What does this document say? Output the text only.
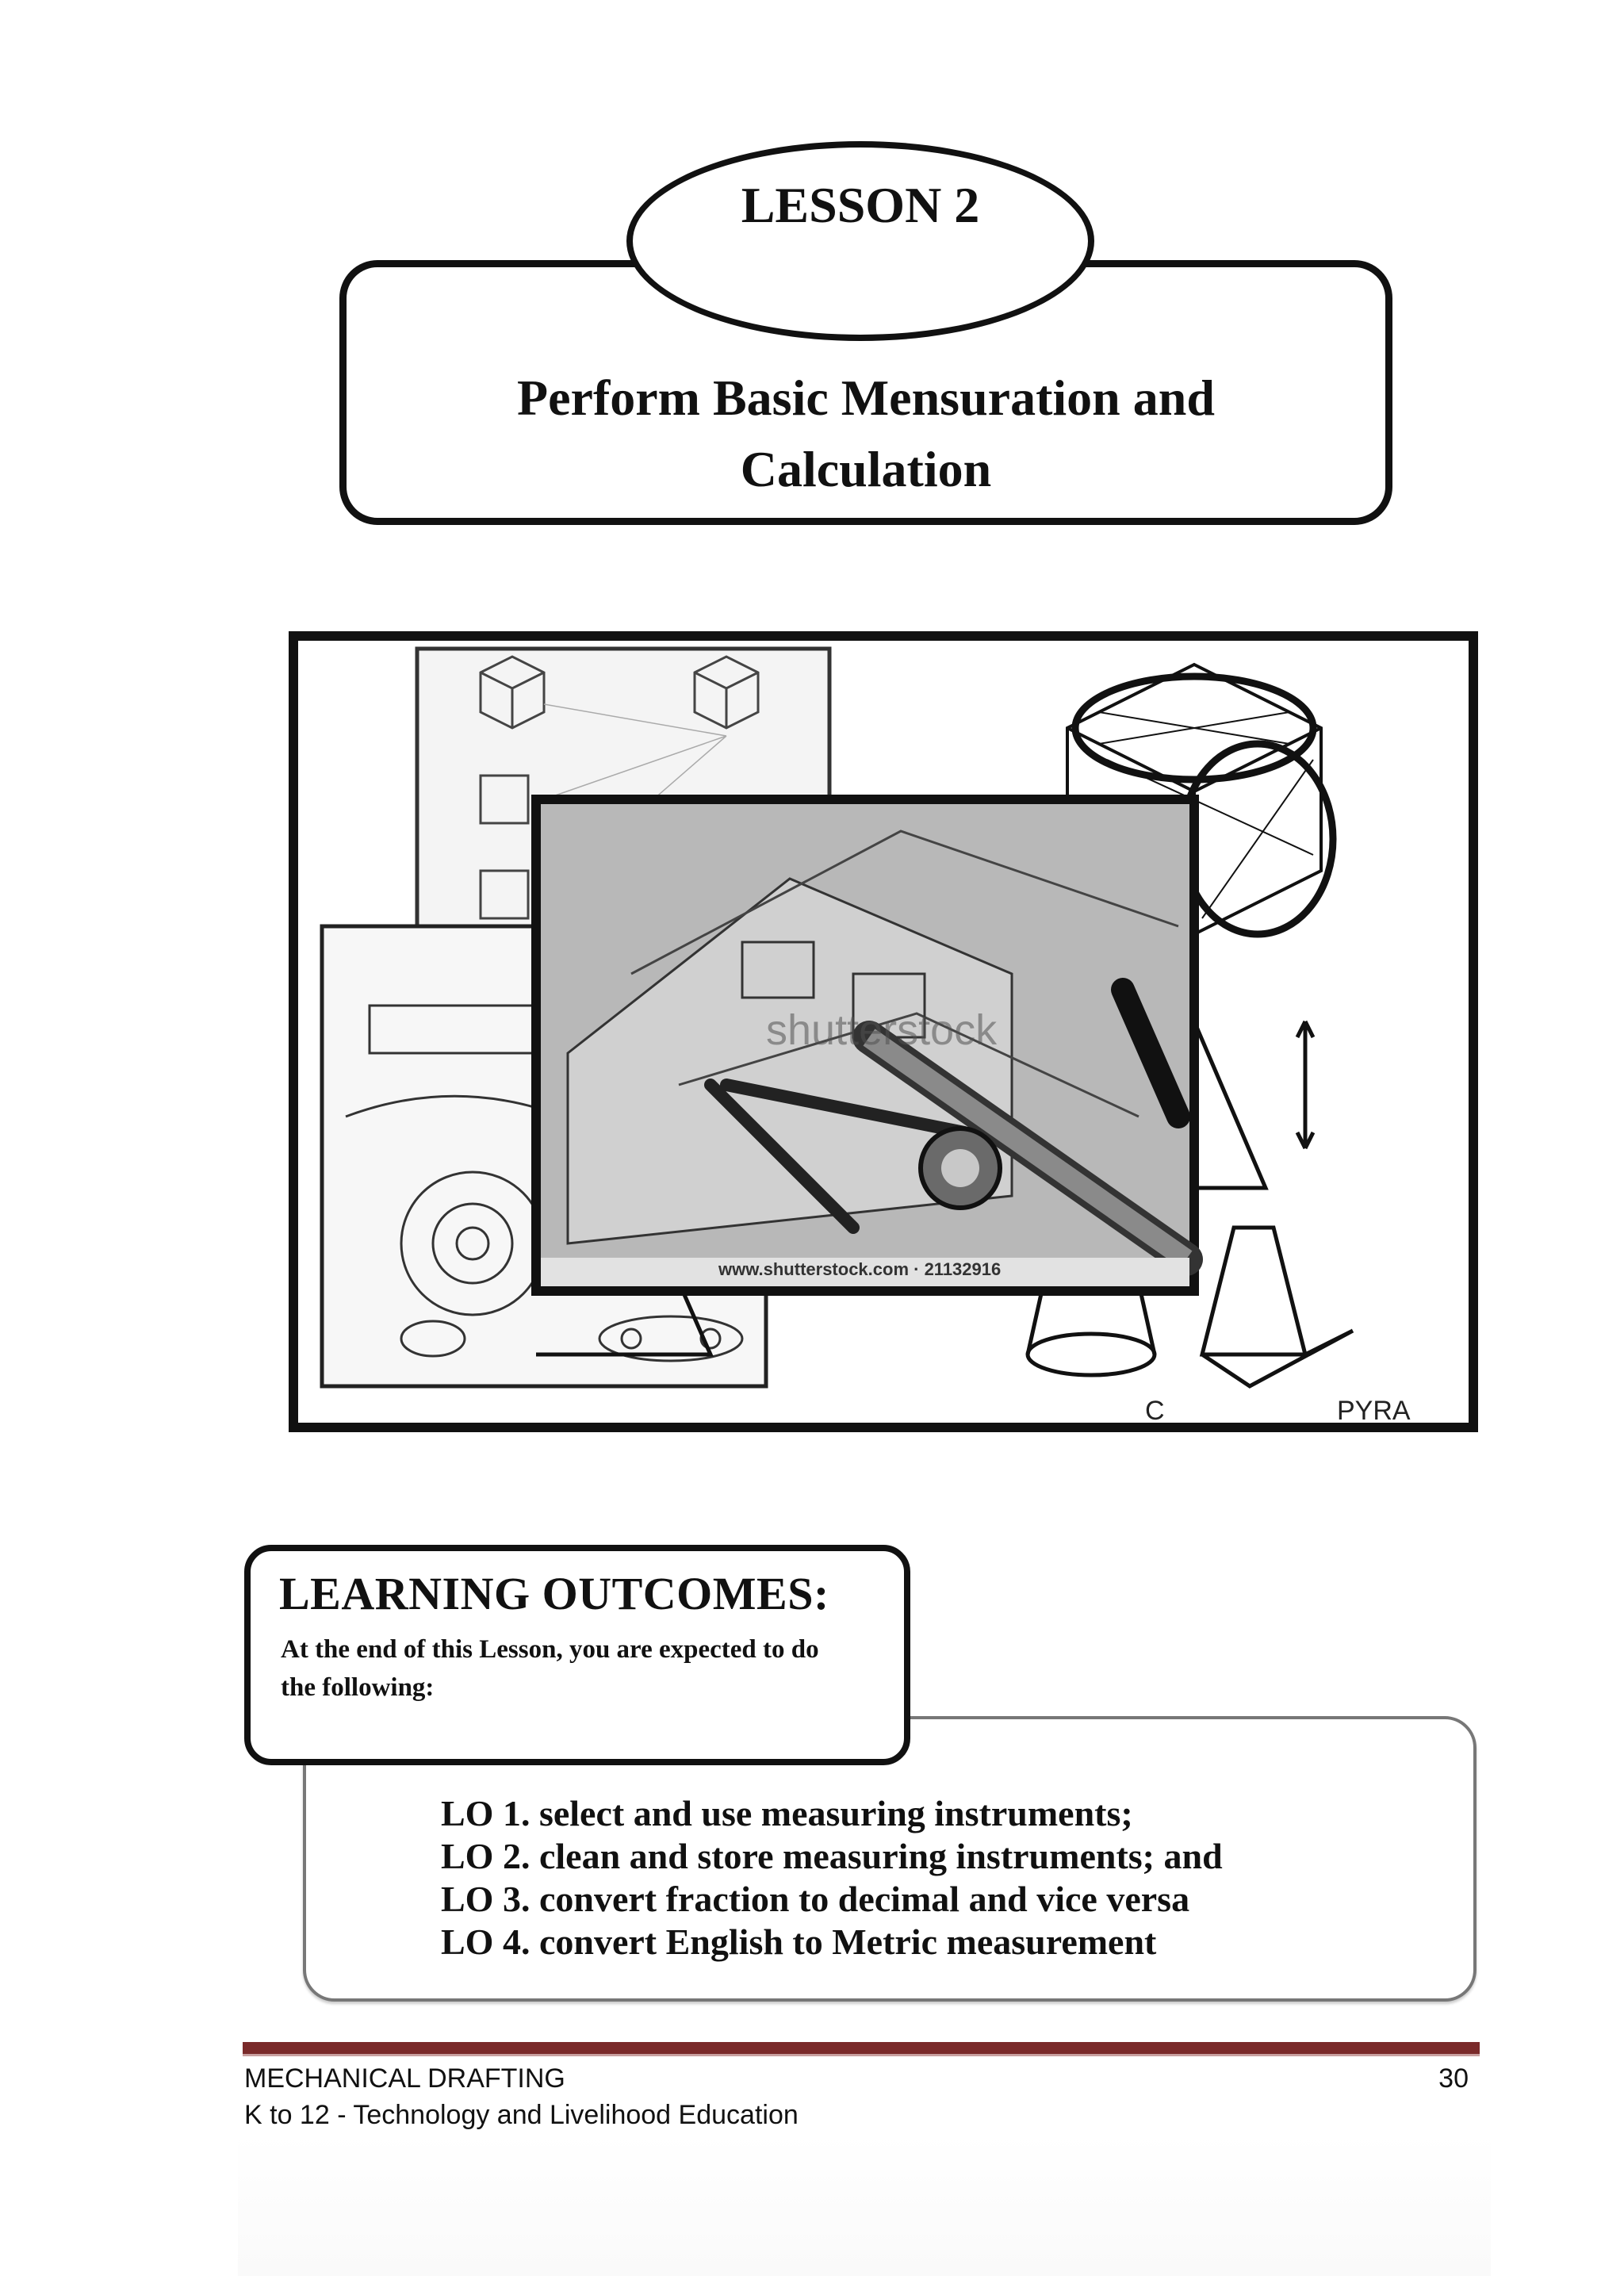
Perform Basic Mensuration and
Calculation
LESSON 2
shutterstock
www.shutterstock.com · 21132916
C	PYRA
LO 1. select and use measuring instruments;
LO 2. clean and store measuring instruments; and
LO 3. convert fraction to decimal and vice versa
LO 4. convert English to Metric measurement
LEARNING OUTCOMES:
At the end of this Lesson, you are expected to do
the following:
MECHANICAL DRAFTING
K to 12 - Technology and Livelihood Education
30
